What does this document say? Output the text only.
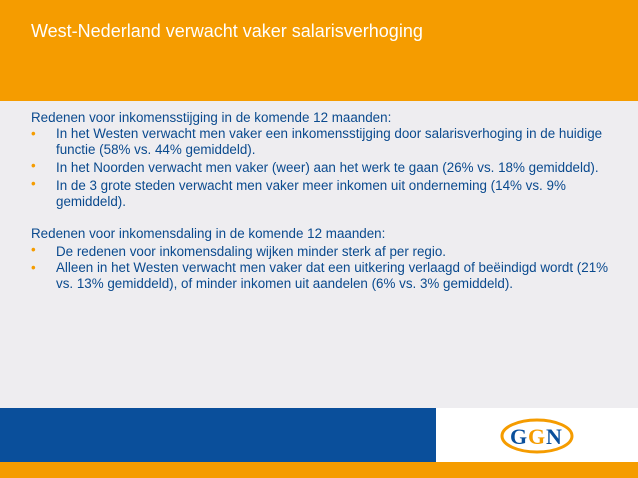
West-Nederland verwacht vaker salarisverhoging

Redenen voor inkomensstijging in de komende 12 maanden:

• In het Westen verwacht men vaker een inkomensstijging door salarisverhoging in de huidige functie (58% vs. 44% gemiddeld).
• In het Noorden verwacht men vaker (weer) aan het werk te gaan (26% vs. 18% gemiddeld).
• In de 3 grote steden verwacht men vaker meer inkomen uit onderneming (14% vs. 9% gemiddeld).

Redenen voor inkomensdaling in de komende 12 maanden:

• De redenen voor inkomensdaling wijken minder sterk af per regio.
• Alleen in het Westen verwacht men vaker dat een uitkering verlaagd of beëindigd wordt (21% vs. 13% gemiddeld), of minder inkomen uit aandelen (6% vs. 3% gemiddeld).
G G N
